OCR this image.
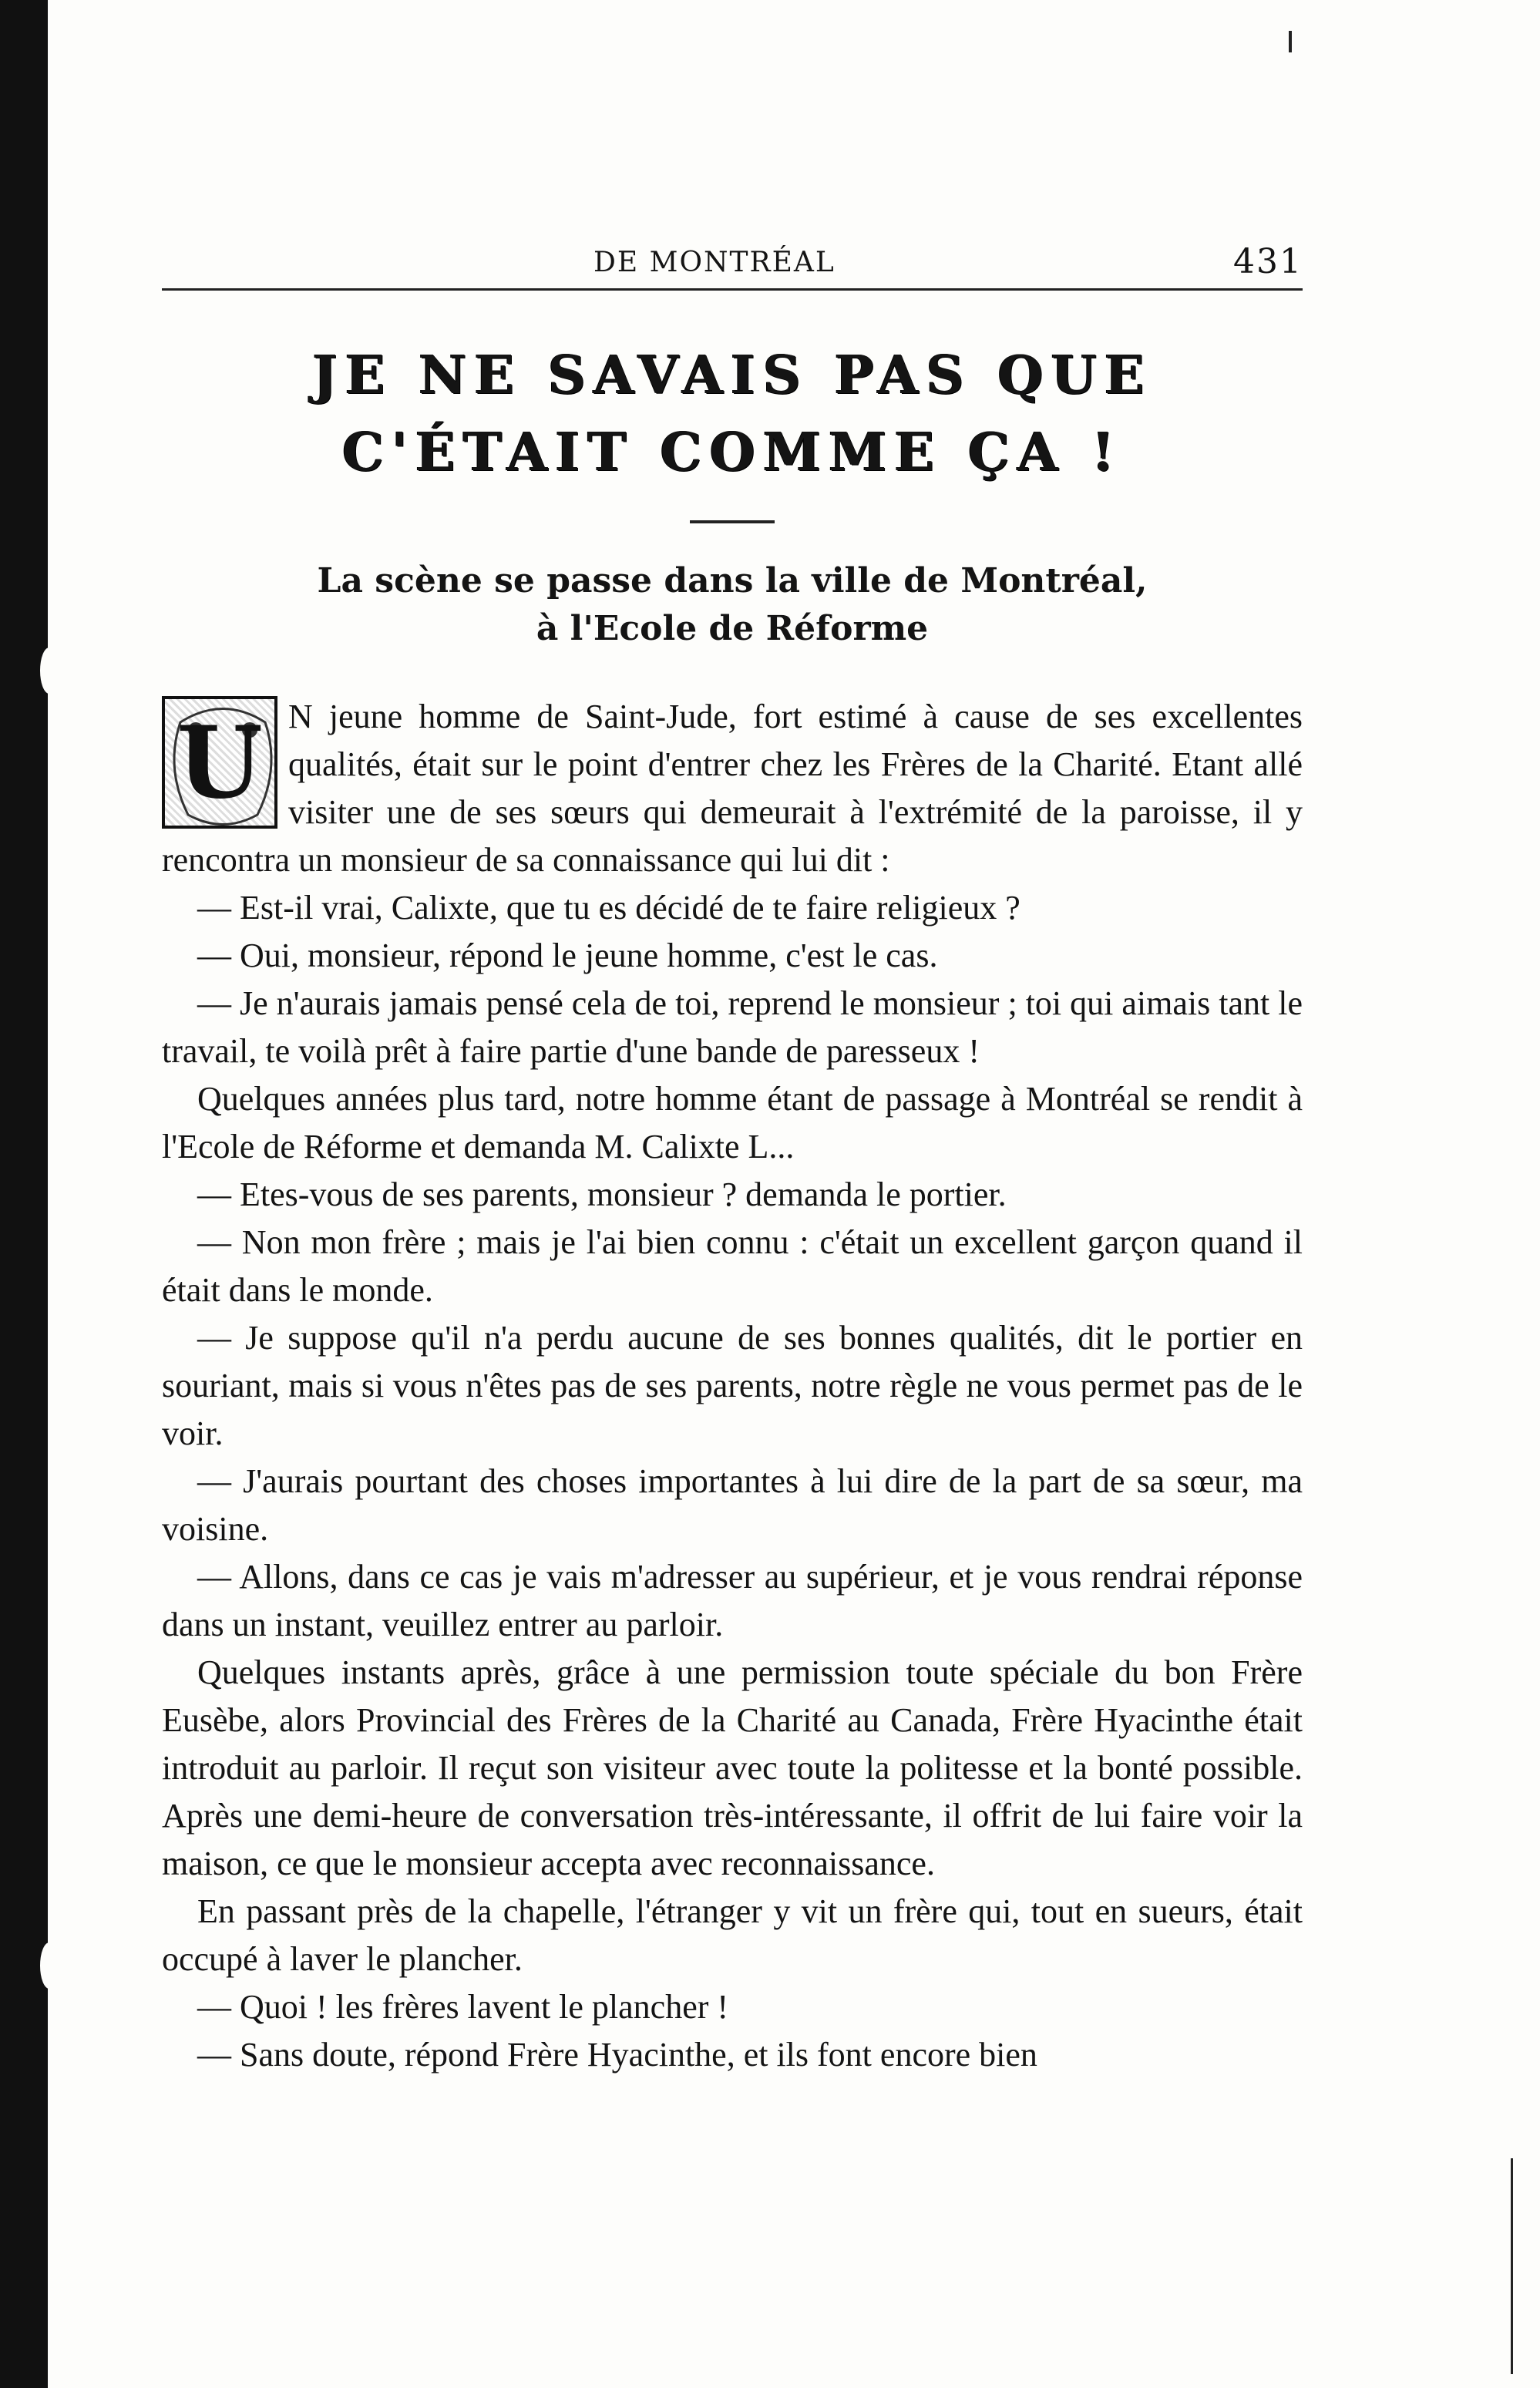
DE MONTRÉAL	431
JE NE SAVAIS PAS QUE C'ÉTAIT COMME ÇA !
La scène se passe dans la ville de Montréal,
à l'Ecole de Réforme
U N jeune homme de Saint-Jude, fort estimé à cause de ses excellentes qualités, était sur le point d'entrer chez les Frères de la Charité. Etant allé visiter une de ses sœurs qui demeurait à l'extrémité de la paroisse, il y rencontra un monsieur de sa connaissance qui lui dit :

— Est-il vrai, Calixte, que tu es décidé de te faire religieux ?

— Oui, monsieur, répond le jeune homme, c'est le cas.

— Je n'aurais jamais pensé cela de toi, reprend le monsieur ; toi qui aimais tant le travail, te voilà prêt à faire partie d'une bande de paresseux !

Quelques années plus tard, notre homme étant de passage à Montréal se rendit à l'Ecole de Réforme et demanda M. Calixte L...

— Etes-vous de ses parents, monsieur ? demanda le portier.

— Non mon frère ; mais je l'ai bien connu : c'était un excellent garçon quand il était dans le monde.

— Je suppose qu'il n'a perdu aucune de ses bonnes qualités, dit le portier en souriant, mais si vous n'êtes pas de ses parents, notre règle ne vous permet pas de le voir.

— J'aurais pourtant des choses importantes à lui dire de la part de sa sœur, ma voisine.

— Allons, dans ce cas je vais m'adresser au supérieur, et je vous rendrai réponse dans un instant, veuillez entrer au parloir.

Quelques instants après, grâce à une permission toute spéciale du bon Frère Eusèbe, alors Provincial des Frères de la Charité au Canada, Frère Hyacinthe était introduit au parloir. Il reçut son visiteur avec toute la politesse et la bonté possible. Après une demi-heure de conversation très-intéressante, il offrit de lui faire voir la maison, ce que le monsieur accepta avec reconnaissance.

En passant près de la chapelle, l'étranger y vit un frère qui, tout en sueurs, était occupé à laver le plancher.

— Quoi ! les frères lavent le plancher !

— Sans doute, répond Frère Hyacinthe, et ils font encore bien
